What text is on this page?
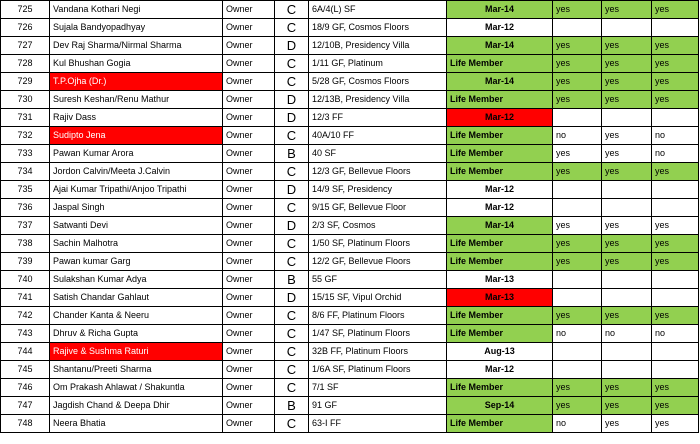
725	Vandana Kothari Negi	Owner	C	6A/4(L) SF	Mar-14	yes	yes	yes
726	Sujala Bandyopadhyay	Owner	C	18/9 GF, Cosmos Floors	Mar-12			
727	Dev Raj Sharma/Nirmal Sharma	Owner	D	12/10B, Presidency Villa	Mar-14	yes	yes	yes
728	Kul Bhushan Gogia	Owner	C	1/11 GF, Platinum	Life Member	yes	yes	yes
729	T.P.Ojha (Dr.)	Owner	C	5/28 GF, Cosmos Floors	Mar-14	yes	yes	yes
730	Suresh Keshan/Renu Mathur	Owner	D	12/13B, Presidency Villa	Life Member	yes	yes	yes
731	Rajiv Dass	Owner	D	12/3 FF	Mar-12			
732	Sudipto Jena	Owner	C	40A/10 FF	Life Member	no	yes	no
733	Pawan Kumar Arora	Owner	B	40 SF	Life Member	yes	yes	no
734	Jordon Calvin/Meeta J.Calvin	Owner	C	12/3 GF, Bellevue Floors	Life Member	yes	yes	yes
735	Ajai Kumar Tripathi/Anjoo Tripathi	Owner	D	14/9 SF, Presidency	Mar-12			
736	Jaspal Singh	Owner	C	9/15 GF, Bellevue Floor	Mar-12			
737	Satwanti Devi	Owner	D	2/3 SF, Cosmos	Mar-14	yes	yes	yes
738	Sachin Malhotra	Owner	C	1/50 SF, Platinum Floors	Life Member	yes	yes	yes
739	Pawan kumar Garg	Owner	C	12/2 GF, Bellevue Floors	Life Member	yes	yes	yes
740	Sulakshan Kumar Adya	Owner	B	55 GF	Mar-13			
741	Satish Chandar Gahlaut	Owner	D	15/15 SF, Vipul Orchid	Mar-13			
742	Chander Kanta & Neeru	Owner	C	8/6 FF, Platinum Floors	Life Member	yes	yes	yes
743	Dhruv & Richa Gupta	Owner	C	1/47 SF, Platinum Floors	Life Member	no	no	no
744	Rajive & Sushma Raturi	Owner	C	32B FF, Platinum Floors	Aug-13			
745	Shantanu/Preeti Sharma	Owner	C	1/6A SF, Platinum Floors	Mar-12			
746	Om Prakash Ahlawat / Shakuntla	Owner	C	7/1 SF	Life Member	yes	yes	yes
747	Jagdish Chand & Deepa Dhir	Owner	B	91 GF	Sep-14	yes	yes	yes
748	Neera Bhatia	Owner	C	63-I FF	Life Member	no	yes	yes
